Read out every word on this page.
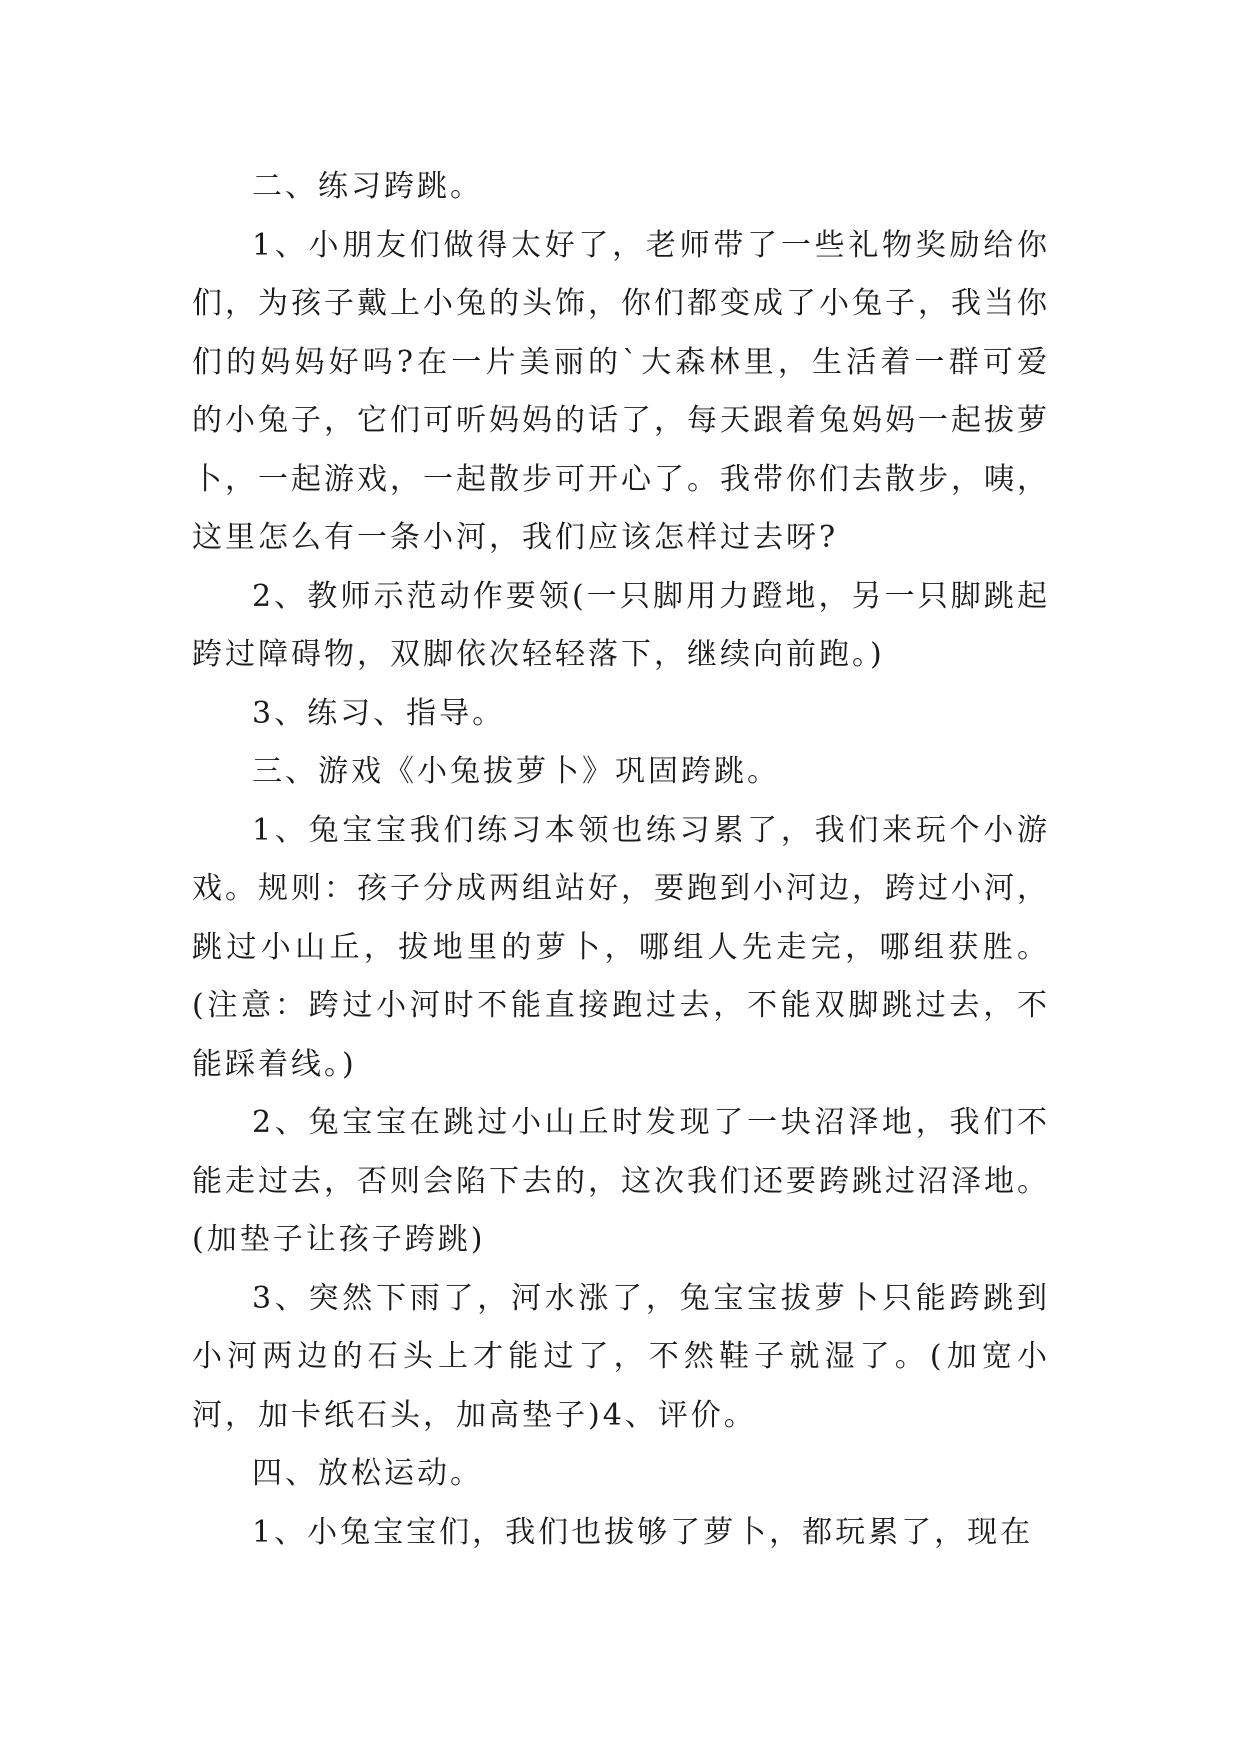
二、练习跨跳。

1、小朋友们做得太好了，老师带了一些礼物奖励给你们，为孩子戴上小兔的头饰，你们都变成了小兔子，我当你们的妈妈好吗?在一片美丽的`大森林里，生活着一群可爱的小兔子，它们可听妈妈的话了，每天跟着兔妈妈一起拔萝卜，一起游戏，一起散步可开心了。我带你们去散步，咦，这里怎么有一条小河，我们应该怎样过去呀?

2、教师示范动作要领(一只脚用力蹬地，另一只脚跳起跨过障碍物，双脚依次轻轻落下，继续向前跑。)

3、练习、指导。

三、游戏《小兔拔萝卜》巩固跨跳。

1、兔宝宝我们练习本领也练习累了，我们来玩个小游戏。规则：孩子分成两组站好，要跑到小河边，跨过小河，跳过小山丘，拔地里的萝卜，哪组人先走完，哪组获胜。(注意：跨过小河时不能直接跑过去，不能双脚跳过去，不能踩着线。)

2、兔宝宝在跳过小山丘时发现了一块沼泽地，我们不能走过去，否则会陷下去的，这次我们还要跨跳过沼泽地。(加垫子让孩子跨跳)

3、突然下雨了，河水涨了，兔宝宝拔萝卜只能跨跳到小河两边的石头上才能过了，不然鞋子就湿了。(加宽小河，加卡纸石头，加高垫子)4、评价。

四、放松运动。

1、小兔宝宝们，我们也拔够了萝卜，都玩累了，现在
